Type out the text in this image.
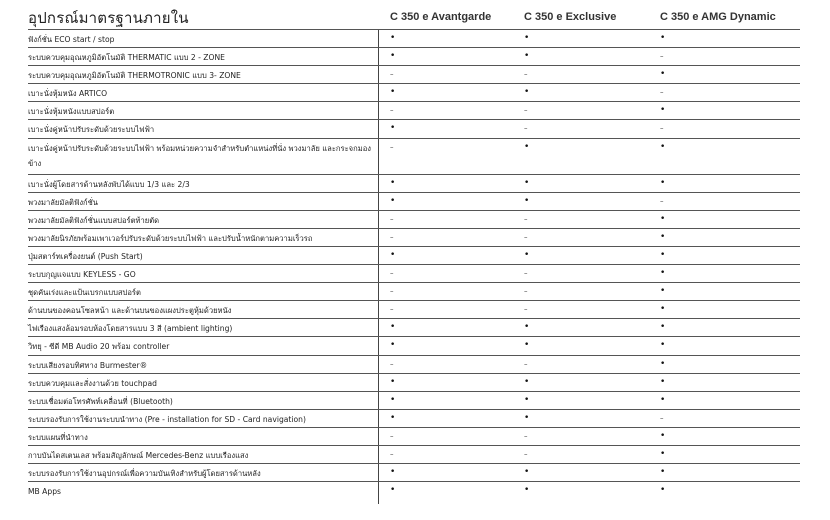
อุปกรณ์มาตรฐานภายใน	C 350 e Avantgarde	C 350 e Exclusive	C 350 e AMG Dynamic
ฟังก์ชั่น ECO start / stop	•	•	•
ระบบควบคุมอุณหภูมิอัตโนมัติ THERMATIC แบบ 2 - ZONE	•	•	–
ระบบควบคุมอุณหภูมิอัตโนมัติ THERMOTRONIC แบบ 3- ZONE	–	–	•
เบาะนั่งหุ้มหนัง ARTICO	•	•	–
เบาะนั่งหุ้มหนังแบบสปอร์ต	–	–	•
เบาะนั่งคู่หน้าปรับระดับด้วยระบบไฟฟ้า	•	–	–
เบาะนั่งคู่หน้าปรับระดับด้วยระบบไฟฟ้า พร้อมหน่วยความจำสำหรับตำแหน่งที่นั่ง พวงมาลัย และกระจกมองข้าง
–	•	•
เบาะนั่งผู้โดยสารด้านหลังพับได้แบบ 1/3 และ 2/3	•	•	•
พวงมาลัยมัลติฟังก์ชั่น	•	•	–
พวงมาลัยมัลติฟังก์ชั่นแบบสปอร์ตท้ายตัด	–	–	•
พวงมาลัยนิรภัยพร้อมเพาเวอร์ปรับระดับด้วยระบบไฟฟ้า และปรับน้ำหนักตามความเร็วรถ	–	–	•
ปุ่มสตาร์ทเครื่องยนต์ (Push Start)	•	•	•
ระบบกุญแจแบบ KEYLESS - GO	–	–	•
ชุดคันเร่งและแป้นเบรกแบบสปอร์ต	–	–	•
ด้านบนของคอนโซลหน้า และด้านบนของแผงประตูหุ้มด้วยหนัง	–	–	•
ไฟเรืองแสงล้อมรอบห้องโดยสารแบบ 3 สี (ambient lighting)	•	•	•
วิทยุ - ซีดี MB Audio 20 พร้อม controller	•	•	•
ระบบเสียงรอบทิศทาง Burmester®	–	–	•
ระบบควบคุมและสั่งงานด้วย touchpad	•	•	•
ระบบเชื่อมต่อโทรศัพท์เคลื่อนที่ (Bluetooth)	•	•	•
ระบบรองรับการใช้งานระบบนำทาง (Pre - installation for SD - Card navigation)	•	•	–
ระบบแผนที่นำทาง	–	–	•
กาบบันไดสเตนเลส พร้อมสัญลักษณ์ Mercedes-Benz แบบเรืองแสง	–	–	•
ระบบรองรับการใช้งานอุปกรณ์เพื่อความบันเทิงสำหรับผู้โดยสารด้านหลัง	•	•	•
MB Apps	•	•	•
